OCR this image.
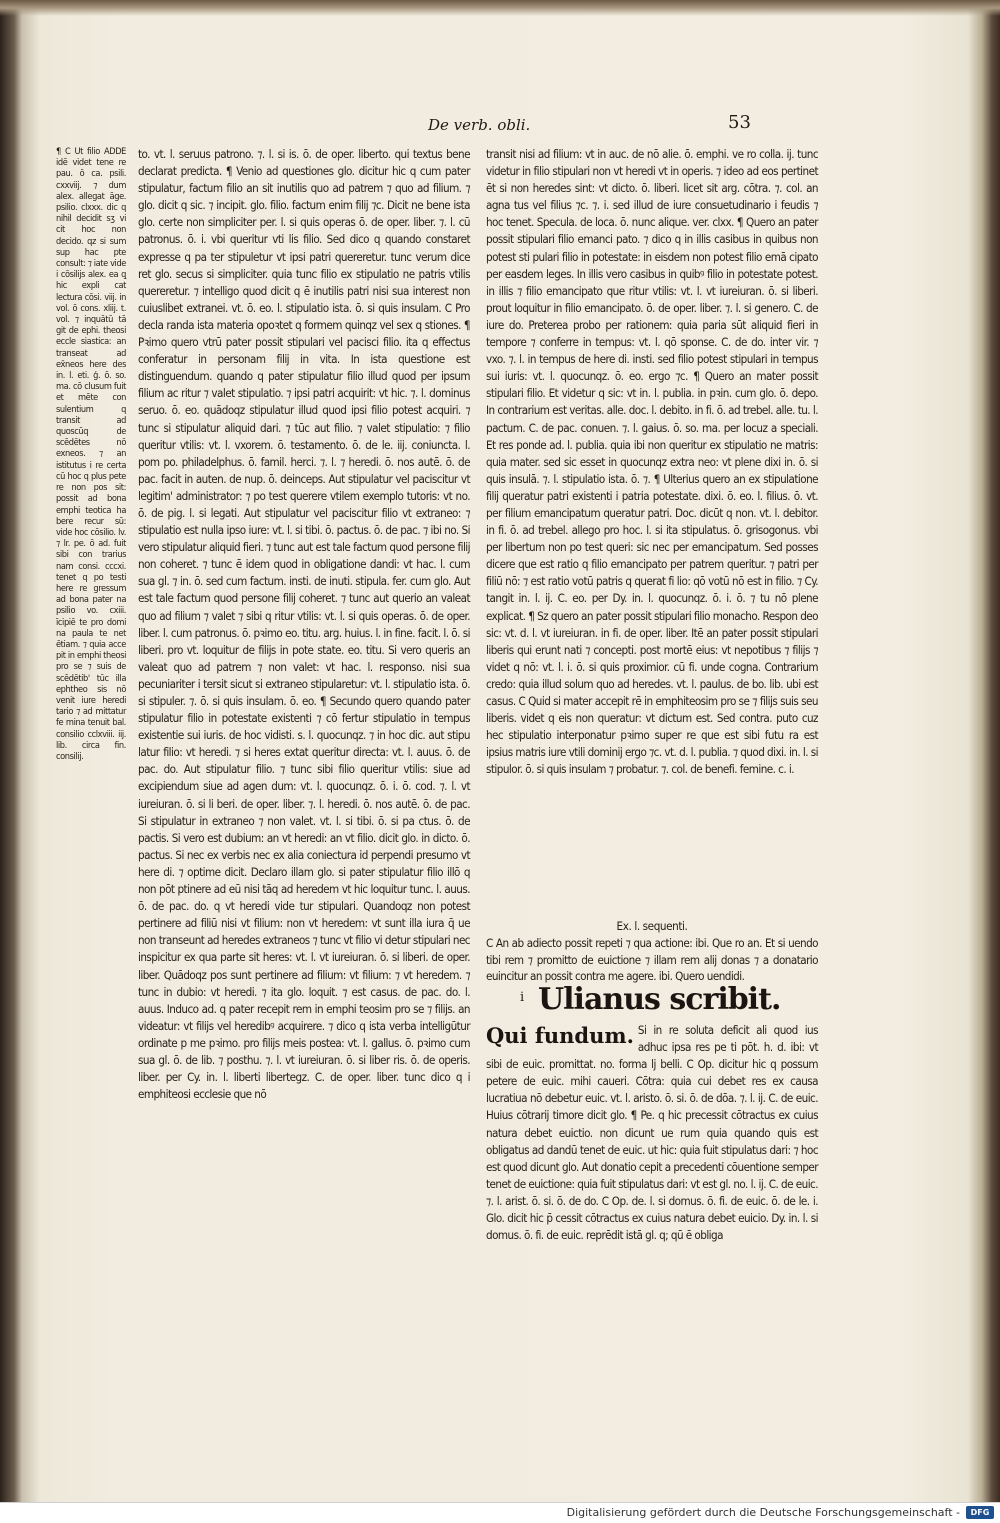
De verb. obli.	53
¶ C Ut filio ADDE idē videt tene re pau. ō ca. psili. cxxviij. ⁊ dum alex. allegat āge. psilio. clxxx. dic q nihil decidit sʒ vi cit hoc non decido. qz si sum sup hac pte consult: ⁊ iate vide i cōsilijs alex. ea ꝗ hic expli cat lectura cōsi. viij. in vol. ō cons. xliij. t. vol. ⁊ inquātū tā git de ephi. theosi eccle siastica: an transeat ad ex̄neos here des in. l. eti. ǵ. ō. so. ma. cō clusum fuit et mēte con sulentium q transit ad quoscūq de scēdētes nō exneos. ⁊ an istitutus i re certa cū hoc q plus pete re non pos sit: possit ad bona emphi teotica ha bere recur sū: vide hoc cōsilio. lv. ⁊ lr. pe. ō ad. fuit sibi con trarius nam consi. cccxi. tenet q po testi here re gressum ad bona pater na psilio vo. cxiii. īcipiē te pro domi na paula te net ētiam. ⁊ quia acce pit in emphi theosi pro se ⁊ suis de scēdētib' tūc illa ephtheo sis nō venit iure heredi tario ⁊ ad mittatur fe mina tenuit bal. consilio cclxviii. iij. lib. circa fin. consilij.

to. vt. l. seruus patrono. ⁊. l. si is. ō. de oper. liberto. qui textus bene declarat predicta. ¶ Venio ad questiones glo. dicitur hic q cum pater stipulatur, factum filio an sit inutilis quo ad patrem ⁊ quo ad filium. ⁊ glo. dicit q sic. ⁊ incipit. glo. filio. factum enim filij ⁊c. Dicit ne bene ista glo. certe non simpliciter per. l. si quis operas ō. de oper. liber. ⁊. l. cū patronus. ō. i. vbi queritur vti lis filio. Sed dico q quando constaret expresse q pa ter stipuletur vt ipsi patri quereretur. tunc verum dice ret glo. secus si simpliciter. quia tunc filio ex stipulatio ne patris vtilis quereretur. ⁊ intelligo quod dicit q ē inutilis patri nisi sua interest non cuiuslibet extranei. vt. ō. eo. l. stipulatio ista. ō. si quis insulam. C Pro decla randa ista materia opoꝛtet q formem quinqz vel sex q stiones. ¶ Pꝛimo quero vtrū pater possit stipulari vel pacisci filio. ita q effectus conferatur in personam filij in vita. In ista questione est distinguendum. quando q pater stipulatur filio illud quod per ipsum filium ac ritur ⁊ valet stipulatio. ⁊ ipsi patri acquirit: vt hic. ⁊. l. dominus seruo. ō. eo. quādoqz stipulatur illud quod ipsi filio potest acquiri. ⁊ tunc si stipulatur aliquid dari. ⁊ tūc aut filio. ⁊ valet stipulatio: ⁊ filio queritur vtilis: vt. l. vxorem. ō. testamento. ō. de le. iij. coniuncta. l. pom po. philadelphus. ō. famil. herci. ⁊. l. ⁊ heredi. ō. nos autē. ō. de pac. facit in auten. de nup. ō. deinceps. Aut stipulatur vel paciscitur vt legitim' administrator: ⁊ po test querere vtilem exemplo tutoris: vt no. ō. de pig. l. si legati. Aut stipulatur vel paciscitur filio vt extraneo: ⁊ stipulatio est nulla ipso iure: vt. l. si tibi. ō. pactus. ō. de pac. ⁊ ibi no. Si vero stipulatur aliquid fieri. ⁊ tunc aut est tale factum quod persone filij non coheret. ⁊ tunc ē idem quod in obligatione dandi: vt hac. l. cum sua gl. ⁊ in. ō. sed cum factum. insti. de inuti. stipula. fer. cum glo. Aut est tale factum quod persone filij coheret. ⁊ tunc aut querio an valeat quo ad filium ⁊ valet ⁊ sibi q ritur vtilis: vt. l. si quis operas. ō. de oper. liber. l. cum patronus. ō. pꝛimo eo. titu. arg. huius. l. in fine. facit. l. ō. si liberi. pro vt. loquitur de filijs in pote state. eo. titu. Si vero queris an valeat quo ad patrem ⁊ non valet: vt hac. l. responso. nisi sua pecuniariter i tersit sicut si extraneo stipularetur: vt. l. stipulatio ista. ō. si stipuler. ⁊. ō. si quis insulam. ō. eo. ¶ Secundo quero quando pater stipulatur filio in potestate existenti ⁊ cō fertur stipulatio in tempus existentie sui iuris. de hoc vidisti. s. l. quocunqz. ⁊ in hoc dic. aut stipu latur filio: vt heredi. ⁊ si heres extat queritur directa: vt. l. auus. ō. de pac. do. Aut stipulatur filio. ⁊ tunc sibi filio queritur vtilis: siue ad excipiendum siue ad agen dum: vt. l. quocunqz. ō. i. ō. cod. ⁊. l. vt iureiuran. ō. si li beri. de oper. liber. ⁊. l. heredi. ō. nos autē. ō. de pac. Si stipulatur in extraneo ⁊ non valet. vt. l. si tibi. ō. si pa ctus. ō. de pactis. Si vero est dubium: an vt heredi: an vt filio. dicit glo. in dicto. ō. pactus. Si nec ex verbis nec ex alia coniectura id perpendi presumo vt here di. ⁊ optime dicit. Declaro illam glo. si pater stipulatur filio illō q non pōt ptinere ad eū nisi tāq ad heredem vt hic loquitur tunc. l. auus. ō. de pac. do. q vt heredi vide tur stipulari. Quandoqz non potest pertinere ad filiū nisi vt filium: non vt heredem: vt sunt illa iura q̄ ue non transeunt ad heredes extraneos ⁊ tunc vt filio vi detur stipulari nec inspicitur ex qua parte sit heres: vt. l. vt iureiuran. ō. si liberi. de oper. liber. Quādoqz pos sunt pertinere ad filium: vt filium: ⁊ vt heredem. ⁊ tunc in dubio: vt heredi. ⁊ ita glo. loquit. ⁊ est casus. de pac. do. l. auus. Induco ad. q pater recepit rem in emphi teosim pro se ⁊ filijs. an videatur: vt filijs vel heredibꝰ acquirere. ⁊ dico q ista verba intelligūtur ordinate p me pꝛimo. pro filijs meis postea: vt. l. gallus. ō. pꝛimo cum sua gl. ō. de lib. ⁊ posthu. ⁊. l. vt iureiuran. ō. si liber ris. ō. de operis. liber. per Cy. in. l. liberti libertegz. C. de oper. liber. tunc dico q i emphiteosi ecclesie que nō

transit nisi ad filium: vt in auc. de nō alie. ō. emphi. ve ro colla. ij. tunc videtur in filio stipulari non vt heredi vt in operis. ⁊ ideo ad eos pertinet ēt si non heredes sint: vt dicto. ō. liberi. licet sit arg. cōtra. ⁊. col. an agna tus vel filius ⁊c. ⁊. i. sed illud de iure consuetudinario i feudis ⁊ hoc tenet. Specula. de loca. ō. nunc alique. ver. clxx. ¶ Quero an pater possit stipulari filio emanci pato. ⁊ dico q in illis casibus in quibus non potest sti pulari filio in potestate: in eisdem non potest filio emā cipato per easdem leges. In illis vero casibus in quibꝰ filio in potestate potest. in illis ⁊ filio emancipato que ritur vtilis: vt. l. vt iureiuran. ō. si liberi. prout loquitur in filio emancipato. ō. de oper. liber. ⁊. l. si genero. C. de iure do. Preterea probo per rationem: quia paria sūt aliquid fieri in tempore ⁊ conferre in tempus: vt. l. qō sponse. C. de do. inter vir. ⁊ vxo. ⁊. l. in tempus de here di. insti. sed filio potest stipulari in tempus sui iuris: vt. l. quocunqz. ō. eo. ergo ⁊c. ¶ Quero an mater possit stipulari filio. Et videtur q sic: vt in. l. publia. in pꝛin. cum glo. ō. depo. In contrarium est veritas. alle. doc. l. debito. in fi. ō. ad trebel. alle. tu. l. pactum. C. de pac. conuen. ⁊. l. gaius. ō. so. ma. per locuz a speciali. Et res ponde ad. l. publia. quia ibi non queritur ex stipulatio ne matris: quia mater. sed sic esset in quocunqz extra neo: vt plene dixi in. ō. si quis insulā. ⁊. l. stipulatio ista. ō. ⁊. ¶ Ulterius quero an ex stipulatione filij queratur patri existenti i patria potestate. dixi. ō. eo. l. filius. ō. vt. per filium emancipatum queratur patri. Doc. dicūt q non. vt. l. debitor. in fi. ō. ad trebel. allego pro hoc. l. si ita stipulatus. ō. grisogonus. vbi per libertum non po test queri: sic nec per emancipatum. Sed posses dicere que est ratio q filio emancipato per patrem queritur. ⁊ patri per filiū nō: ⁊ est ratio votū patris q querat fi lio: qō votū nō est in filio. ⁊ Cy. tangit in. l. ij. C. eo. per Dy. in. l. quocunqz. ō. i. ō. ⁊ tu nō plene explicat. ¶ Sz quero an pater possit stipulari filio monacho. Respon deo sic: vt. d. l. vt iureiuran. in fi. de oper. liber. Itē an pater possit stipulari liberis qui erunt nati ⁊ concepti. post mortē eius: vt nepotibus ⁊ filijs ⁊ videt q nō: vt. l. i. ō. si quis proximior. cū fi. unde cogna. Contrarium credo: quia illud solum quo ad heredes. vt. l. paulus. de bo. lib. ubi est casus. C Quid si mater accepit rē in emphiteosim pro se ⁊ filijs suis seu liberis. videt q eis non queratur: vt dictum est. Sed contra. puto cuz hec stipulatio interponatur pꝛimo super re que est sibi futu ra est ipsius matris iure vtili dominij ergo ⁊c. vt. d. l. publia. ⁊ quod dixi. in. l. si stipulor. ō. si quis insulam ⁊ probatur. ⁊. col. de benefi. femine. c. i.

Ex. l. sequenti.

C An ab adiecto possit repeti ⁊ qua actione: ibi. Que ro an. Et si uendo tibi rem ⁊ promitto de euictione ⁊ illam rem alij donas ⁊ a donatario euincitur an possit contra me agere. ibi. Quero uendidi.

i Ulianus scribit.
Qui fundum. Si in re soluta deficit ali quod ius adhuc ipsa res pe ti pōt. h. d. ibi: vt sibi de euic. promittat. no. forma lj belli. C Op. dicitur hic q possum petere de euic. mihi caueri. Cōtra: quia cui debet res ex causa lucratiua nō debetur euic. vt. l. aristo. ō. si. ō. de dōa. ⁊. l. ij. C. de euic. Huius cōtrarij timore dicit glo. ¶ Pe. q hic precessit cōtractus ex cuius natura debet euictio. non dicunt ue rum quia quando quis est obligatus ad dandū tenet de euic. ut hic: quia fuit stipulatus dari: ⁊ hoc est quod dicunt glo. Aut donatio cepit a precedenti cōuentione semper tenet de euictione: quia fuit stipulatus dari: vt est gl. no. l. ij. C. de euic. ⁊. l. arist. ō. si. ō. de do. C Op. de. l. si domus. ō. fi. de euic. ō. de le. i. Glo. dicit hic p̄ cessit cōtractus ex cuius natura debet euicio. Dy. in. l. si domus. ō. fi. de euic. reprēdit istā gl. q; qū ē obliga

Digitalisierung gefördert durch die Deutsche Forschungsgemeinschaft -	DFG
